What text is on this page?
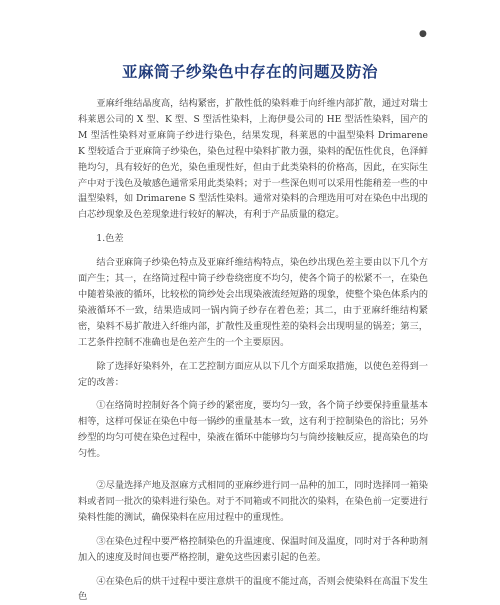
●
亚麻筒子纱染色中存在的问题及防治

亚麻纤维结晶度高，结构紧密，扩散性低的染料难于向纤维内部扩散，通过对瑞士科莱恩公司的 X 型、K 型、S 型活性染料，上海伊曼公司的 HE 型活性染料，国产的 M 型活性染料对亚麻筒子纱进行染色，结果发现，科莱恩的中温型染料 Drimarene K 型较适合于亚麻筒子纱染色，染色过程中染料扩散力强，染料的配伍性优良，色泽鲜艳均匀，具有较好的色光，染色重现性好，但由于此类染料的价格高，因此，在实际生产中对于浅色及敏感色通常采用此类染料；对于一些深色则可以采用性能稍差一些的中温型染料，如 Drimarene S 型活性染料。通常对染料的合理选用可对在染色中出现的白芯纱现象及色差现象进行较好的解决，有利于产品质量的稳定。

1.色差

结合亚麻筒子纱染色特点及亚麻纤维结构特点，染色纱出现色差主要由以下几个方面产生；其一，在络筒过程中筒子纱卷绕密度不均匀，使各个筒子的松紧不一，在染色中随着染液的循环，比较松的筒纱处会出现染液流经短路的现象，使整个染色体系内的染液循环不一致，结果造成同一锅内筒子纱存在着色差；其二，由于亚麻纤维结构紧密，染料不易扩散进入纤维内部，扩散性及重现性差的染料会出现明显的锅差；第三，工艺条件控制不准确也是色差产生的一个主要原因。

除了选择好染料外，在工艺控制方面应从以下几个方面采取措施，以使色差得到一定的改善：

①在络筒时控制好各个筒子纱的紧密度，要均匀一致，各个筒子纱要保持重量基本相等，这样可保证在染色中每一锅纱的重量基本一致，这有利于控制染色的浴比；另外纱型的均匀可使在染色过程中，染液在循环中能够均匀与筒纱接触反应，提高染色的均匀性。

②尽量选择产地及沤麻方式相同的亚麻纱进行同一品种的加工，同时选择同一箱染料或者同一批次的染料进行染色。对于不同箱或不同批次的染料，在染色前一定要进行染料性能的测试，确保染料在应用过程中的重现性。

③在染色过程中要严格控制染色的升温速度、保温时间及温度，同时对于各种助剂加入的速度及时间也要严格控制，避免这些因素引起的色差。

④在染色后的烘干过程中要注意烘干的温度不能过高，否则会使染料在高温下发生色
